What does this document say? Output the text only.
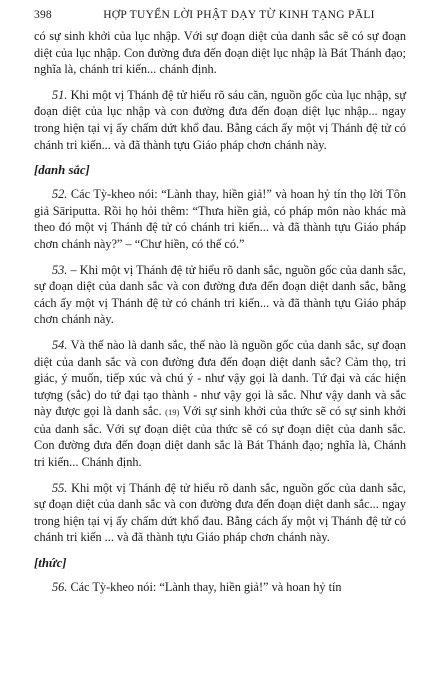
398	HỢP TUYỂN LỜI PHẬT DẠY TỪ KINH TẠNG PĀLI

có sự sinh khởi của lục nhập. Với sự đoạn diệt của danh sắc sẽ có sự đoạn diệt của lục nhập. Con đường đưa đến đoạn diệt lục nhập là Bát Thánh đạo; nghĩa là, chánh tri kiến... chánh định.

51. Khi một vị Thánh đệ tử hiểu rõ sáu căn, nguồn gốc của lục nhập, sự đoạn diệt của lục nhập và con đường đưa đến đoạn diệt lục nhập... ngay trong hiện tại vị ấy chấm dứt khổ đau. Bằng cách ấy một vị Thánh đệ tử có chánh tri kiến... và đã thành tựu Giáo pháp chơn chánh này.

[danh sắc]

52. Các Tỳ-kheo nói: “Lành thay, hiền giả!” và hoan hỷ tín thọ lời Tôn giả Sāriputta. Rồi họ hỏi thêm: “Thưa hiền giả, có pháp môn nào khác mà theo đó một vị Thánh đệ tử có chánh tri kiến... và đã thành tựu Giáo pháp chơn chánh này?” – “Chư hiền, có thể có.”

53. – Khi một vị Thánh đệ tử hiểu rõ danh sắc, nguồn gốc của danh sắc, sự đoạn diệt của danh sắc và con đường đưa đến đoạn diệt danh sắc, bằng cách ấy một vị Thánh đệ tử có chánh tri kiến... và đã thành tựu Giáo pháp chơn chánh này.

54. Và thế nào là danh sắc, thế nào là nguồn gốc của danh sắc, sự đoạn diệt của danh sắc và con đường đưa đến đoạn diệt danh sắc? Cảm thọ, tri giác, ý muốn, tiếp xúc và chú ý - như vậy gọi là danh. Tứ đại và các hiện tượng (sắc) do tứ đại tạo thành - như vậy gọi là sắc. Như vậy danh và sắc này được gọi là danh sắc. (19) Với sự sinh khởi của thức sẽ có sự sinh khởi của danh sắc. Với sự đoạn diệt của thức sẽ có sự đoạn diệt của danh sắc. Con đường đưa đến đoạn diệt danh sắc là Bát Thánh đạo; nghĩa là, Chánh tri kiến... Chánh định.

55. Khi một vị Thánh đệ tử hiểu rõ danh sắc, nguồn gốc của danh sắc, sự đoạn diệt của danh sắc và con đường đưa đến đoạn diệt danh sắc... ngay trong hiện tại vị ấy chấm dứt khổ đau. Bằng cách ấy một vị Thánh đệ tử có chánh tri kiến ... và đã thành tựu Giáo pháp chơn chánh này.

[thức]

56. Các Tỳ-kheo nói: “Lành thay, hiền giả!” và hoan hỷ tín
